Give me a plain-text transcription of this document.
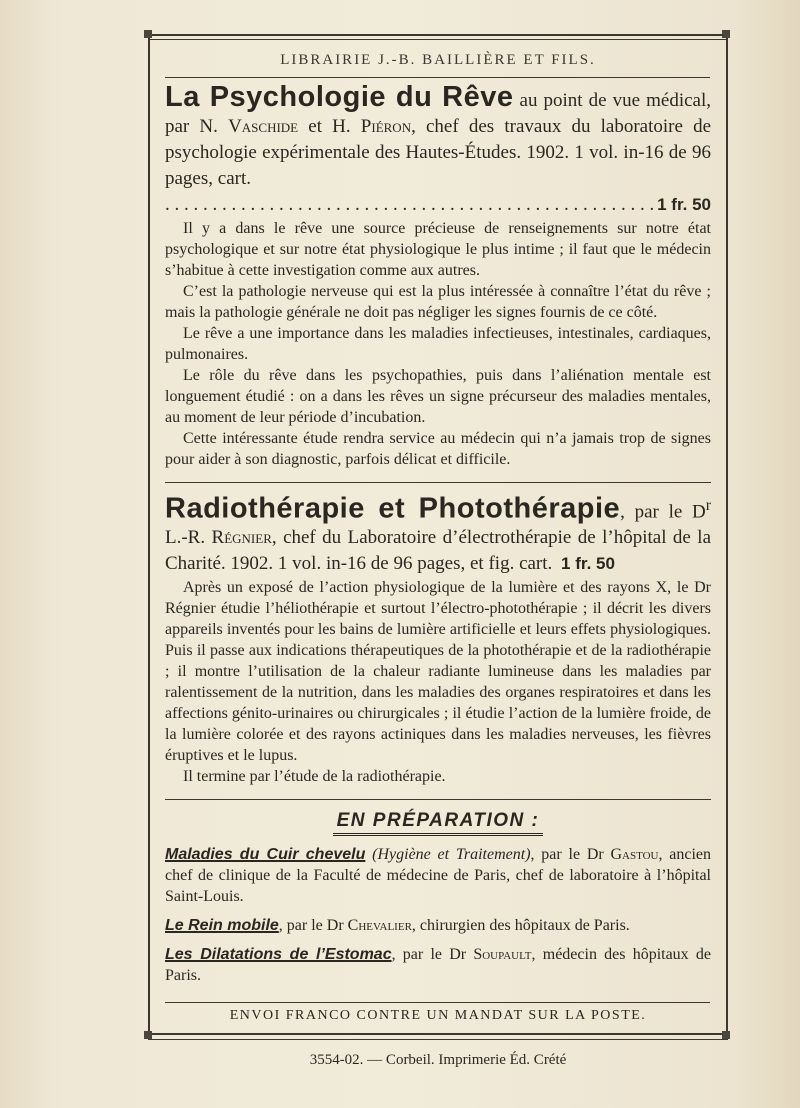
LIBRAIRIE J.-B. BAILLIÈRE ET FILS.

La Psychologie du Rêve au point de vue médical, par N. Vaschide et H. Piéron, chef des travaux du laboratoire de psychologie expérimentale des Hautes-Études. 1902. 1 vol. in-16 de 96 pages, cart.

. . .
1 fr. 50

Il y a dans le rêve une source précieuse de renseignements sur notre état psychologique et sur notre état physiologique le plus intime ; il faut que le médecin s’habitue à cette investigation comme aux autres.

C’est la pathologie nerveuse qui est la plus intéressée à connaître l’état du rêve ; mais la pathologie générale ne doit pas négliger les signes fournis de ce côté.

Le rêve a une importance dans les maladies infectieuses, intestinales, cardiaques, pulmonaires.

Le rôle du rêve dans les psychopathies, puis dans l’aliénation mentale est longuement étudié : on a dans les rêves un signe précurseur des maladies mentales, au moment de leur période d’incubation.

Cette intéressante étude rendra service au médecin qui n’a jamais trop de signes pour aider à son diagnostic, parfois délicat et difficile.

Radiothérapie et Photothérapie, par le $D^r$ L.-R. Régnier, chef du Laboratoire d’électrothérapie de l’hôpital de la Charité. 1902. 1 vol. in-16 de 96 pages, et fig. cart. 1 fr. 50

Après un exposé de l’action physiologique de la lumière et des rayons X, le Dr Régnier étudie l’héliothérapie et surtout l’électro-photothérapie ; il décrit les divers appareils inventés pour les bains de lumière artificielle et leurs effets physiologiques. Puis il passe aux indications thérapeutiques de la photothérapie et de la radiothérapie ; il montre l’utilisation de la chaleur radiante lumineuse dans les maladies par ralentissement de la nutrition, dans les maladies des organes respiratoires et dans les affections génito-urinaires ou chirurgicales ; il étudie l’action de la lumière froide, de la lumière colorée et des rayons actiniques dans les maladies nerveuses, les fièvres éruptives et le lupus.

Il termine par l’étude de la radiothérapie.

EN PRÉPARATION :

Maladies du Cuir chevelu (Hygiène et Traitement), par le Dr Gastou, ancien chef de clinique de la Faculté de médecine de Paris, chef de laboratoire à l’hôpital Saint-Louis.

Le Rein mobile, par le Dr Chevalier, chirurgien des hôpitaux de Paris.

Les Dilatations de l’Estomac, par le Dr Soupault, médecin des hôpitaux de Paris.

ENVOI FRANCO CONTRE UN MANDAT SUR LA POSTE.
3554-02. — Corbeil. Imprimerie Éd. Crété
